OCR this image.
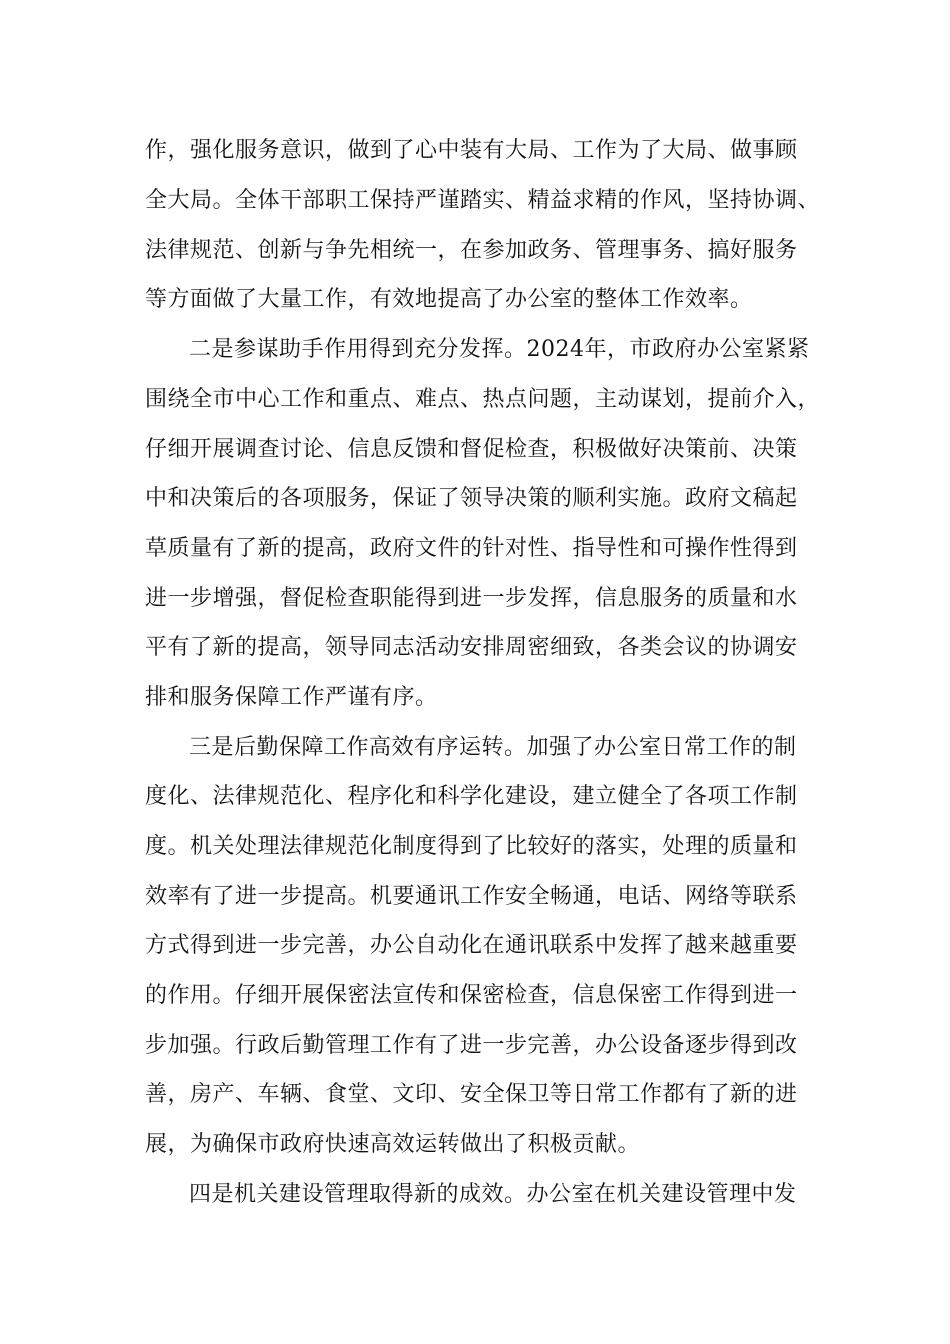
作，强化服务意识，做到了心中装有大局、工作为了大局、做事顾
全大局。全体干部职工保持严谨踏实、精益求精的作风，坚持协调、
法律规范、创新与争先相统一，在参加政务、管理事务、搞好服务
等方面做了大量工作，有效地提高了办公室的整体工作效率。
二是参谋助手作用得到充分发挥。2024年，市政府办公室紧紧
围绕全市中心工作和重点、难点、热点问题，主动谋划，提前介入，
仔细开展调查讨论、信息反馈和督促检查，积极做好决策前、决策
中和决策后的各项服务，保证了领导决策的顺利实施。政府文稿起
草质量有了新的提高，政府文件的针对性、指导性和可操作性得到
进一步增强，督促检查职能得到进一步发挥，信息服务的质量和水
平有了新的提高，领导同志活动安排周密细致，各类会议的协调安
排和服务保障工作严谨有序。
三是后勤保障工作高效有序运转。加强了办公室日常工作的制
度化、法律规范化、程序化和科学化建设，建立健全了各项工作制
度。机关处理法律规范化制度得到了比较好的落实，处理的质量和
效率有了进一步提高。机要通讯工作安全畅通，电话、网络等联系
方式得到进一步完善，办公自动化在通讯联系中发挥了越来越重要
的作用。仔细开展保密法宣传和保密检查，信息保密工作得到进一
步加强。行政后勤管理工作有了进一步完善，办公设备逐步得到改
善，房产、车辆、食堂、文印、安全保卫等日常工作都有了新的进
展，为确保市政府快速高效运转做出了积极贡献。
四是机关建设管理取得新的成效。办公室在机关建设管理中发
